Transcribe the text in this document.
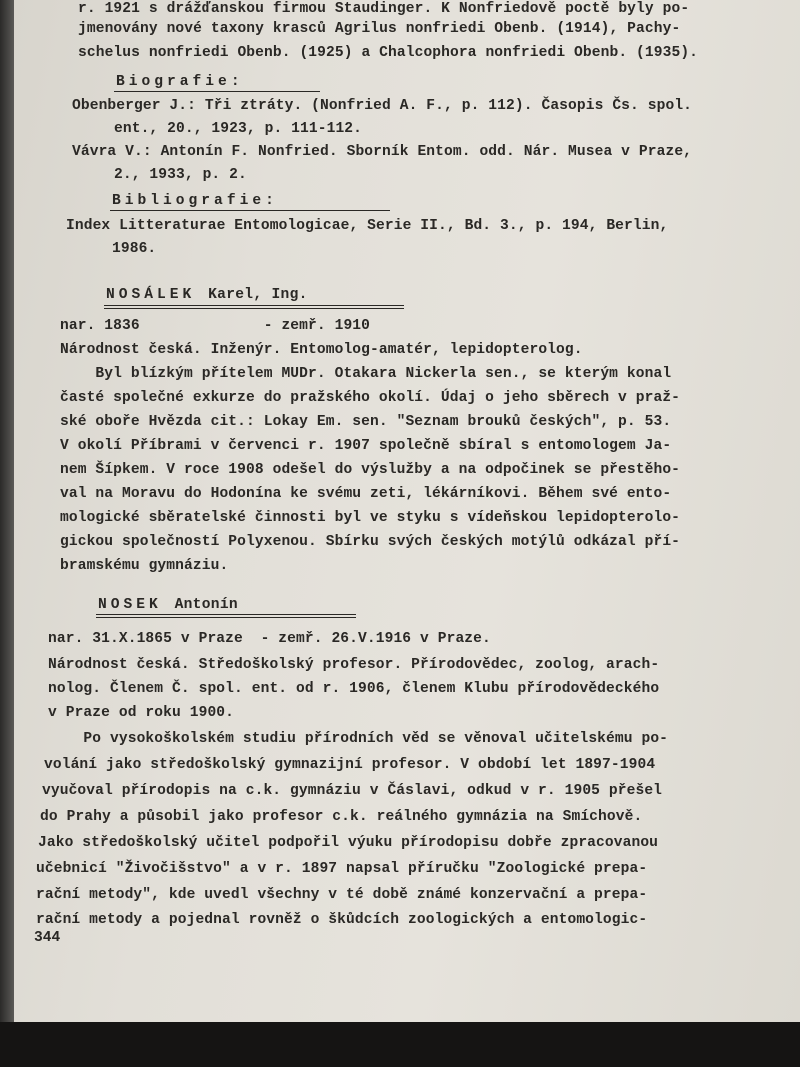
r. 1921 s drážďanskou firmou Staudinger. K Nonfriedově poctě byly po-
jmenovány nové taxony krasců Agrilus nonfriedi Obenb. (1914), Pachy-
schelus nonfriedi Obenb. (1925) a Chalcophora nonfriedi Obenb. (1935).
Biografie:
Obenberger J.: Tři ztráty. (Nonfried A. F., p. 112). Časopis Čs. spol.
ent., 20., 1923, p. 111-112.
Vávra V.: Antonín F. Nonfried. Sborník Entom. odd. Nár. Musea v Praze,
2., 1933, p. 2.
Bibliografie:
Index Litteraturae Entomologicae, Serie II., Bd. 3., p. 194, Berlin,
1986.
NOSÁLEK Karel, Ing.
nar. 1836              - zemř. 1910
Národnost česká. Inženýr. Entomolog-amatér, lepidopterolog.
Byl blízkým přítelem MUDr. Otakara Nickerla sen., se kterým konal
časté společné exkurze do pražského okolí. Údaj o jeho sběrech v praž-
ské oboře Hvězda cit.: Lokay Em. sen. "Seznam brouků českých", p. 53.
V okolí Příbrami v červenci r. 1907 společně sbíral s entomologem Ja-
nem Šípkem. V roce 1908 odešel do výslužby a na odpočinek se přestěho-
val na Moravu do Hodonína ke svému zeti, lékárníkovi. Během své ento-
mologické sběratelské činnosti byl ve styku s vídeňskou lepidopterolo-
gickou společností Polyxenou. Sbírku svých českých motýlů odkázal pří-
bramskému gymnáziu.
NOSEK Antonín
nar. 31.X.1865 v Praze  - zemř. 26.V.1916 v Praze.
Národnost česká. Středoškolský profesor. Přírodovědec, zoolog, arach-
nolog. Členem Č. spol. ent. od r. 1906, členem Klubu přírodovědeckého
v Praze od roku 1900.
Po vysokoškolském studiu přírodních věd se věnoval učitelskému po-
volání jako středoškolský gymnazijní profesor. V období let 1897-1904
vyučoval přírodopis na c.k. gymnáziu v Čáslavi, odkud v r. 1905 přešel
do Prahy a působil jako profesor c.k. reálného gymnázia na Smíchově.
Jako středoškolský učitel podpořil výuku přírodopisu dobře zpracovanou
učebnicí "Živočišstvo" a v r. 1897 napsal příručku "Zoologické prepa-
rační metody", kde uvedl všechny v té době známé konzervační a prepa-
rační metody a pojednal rovněž o škůdcích zoologických a entomologic-
344
